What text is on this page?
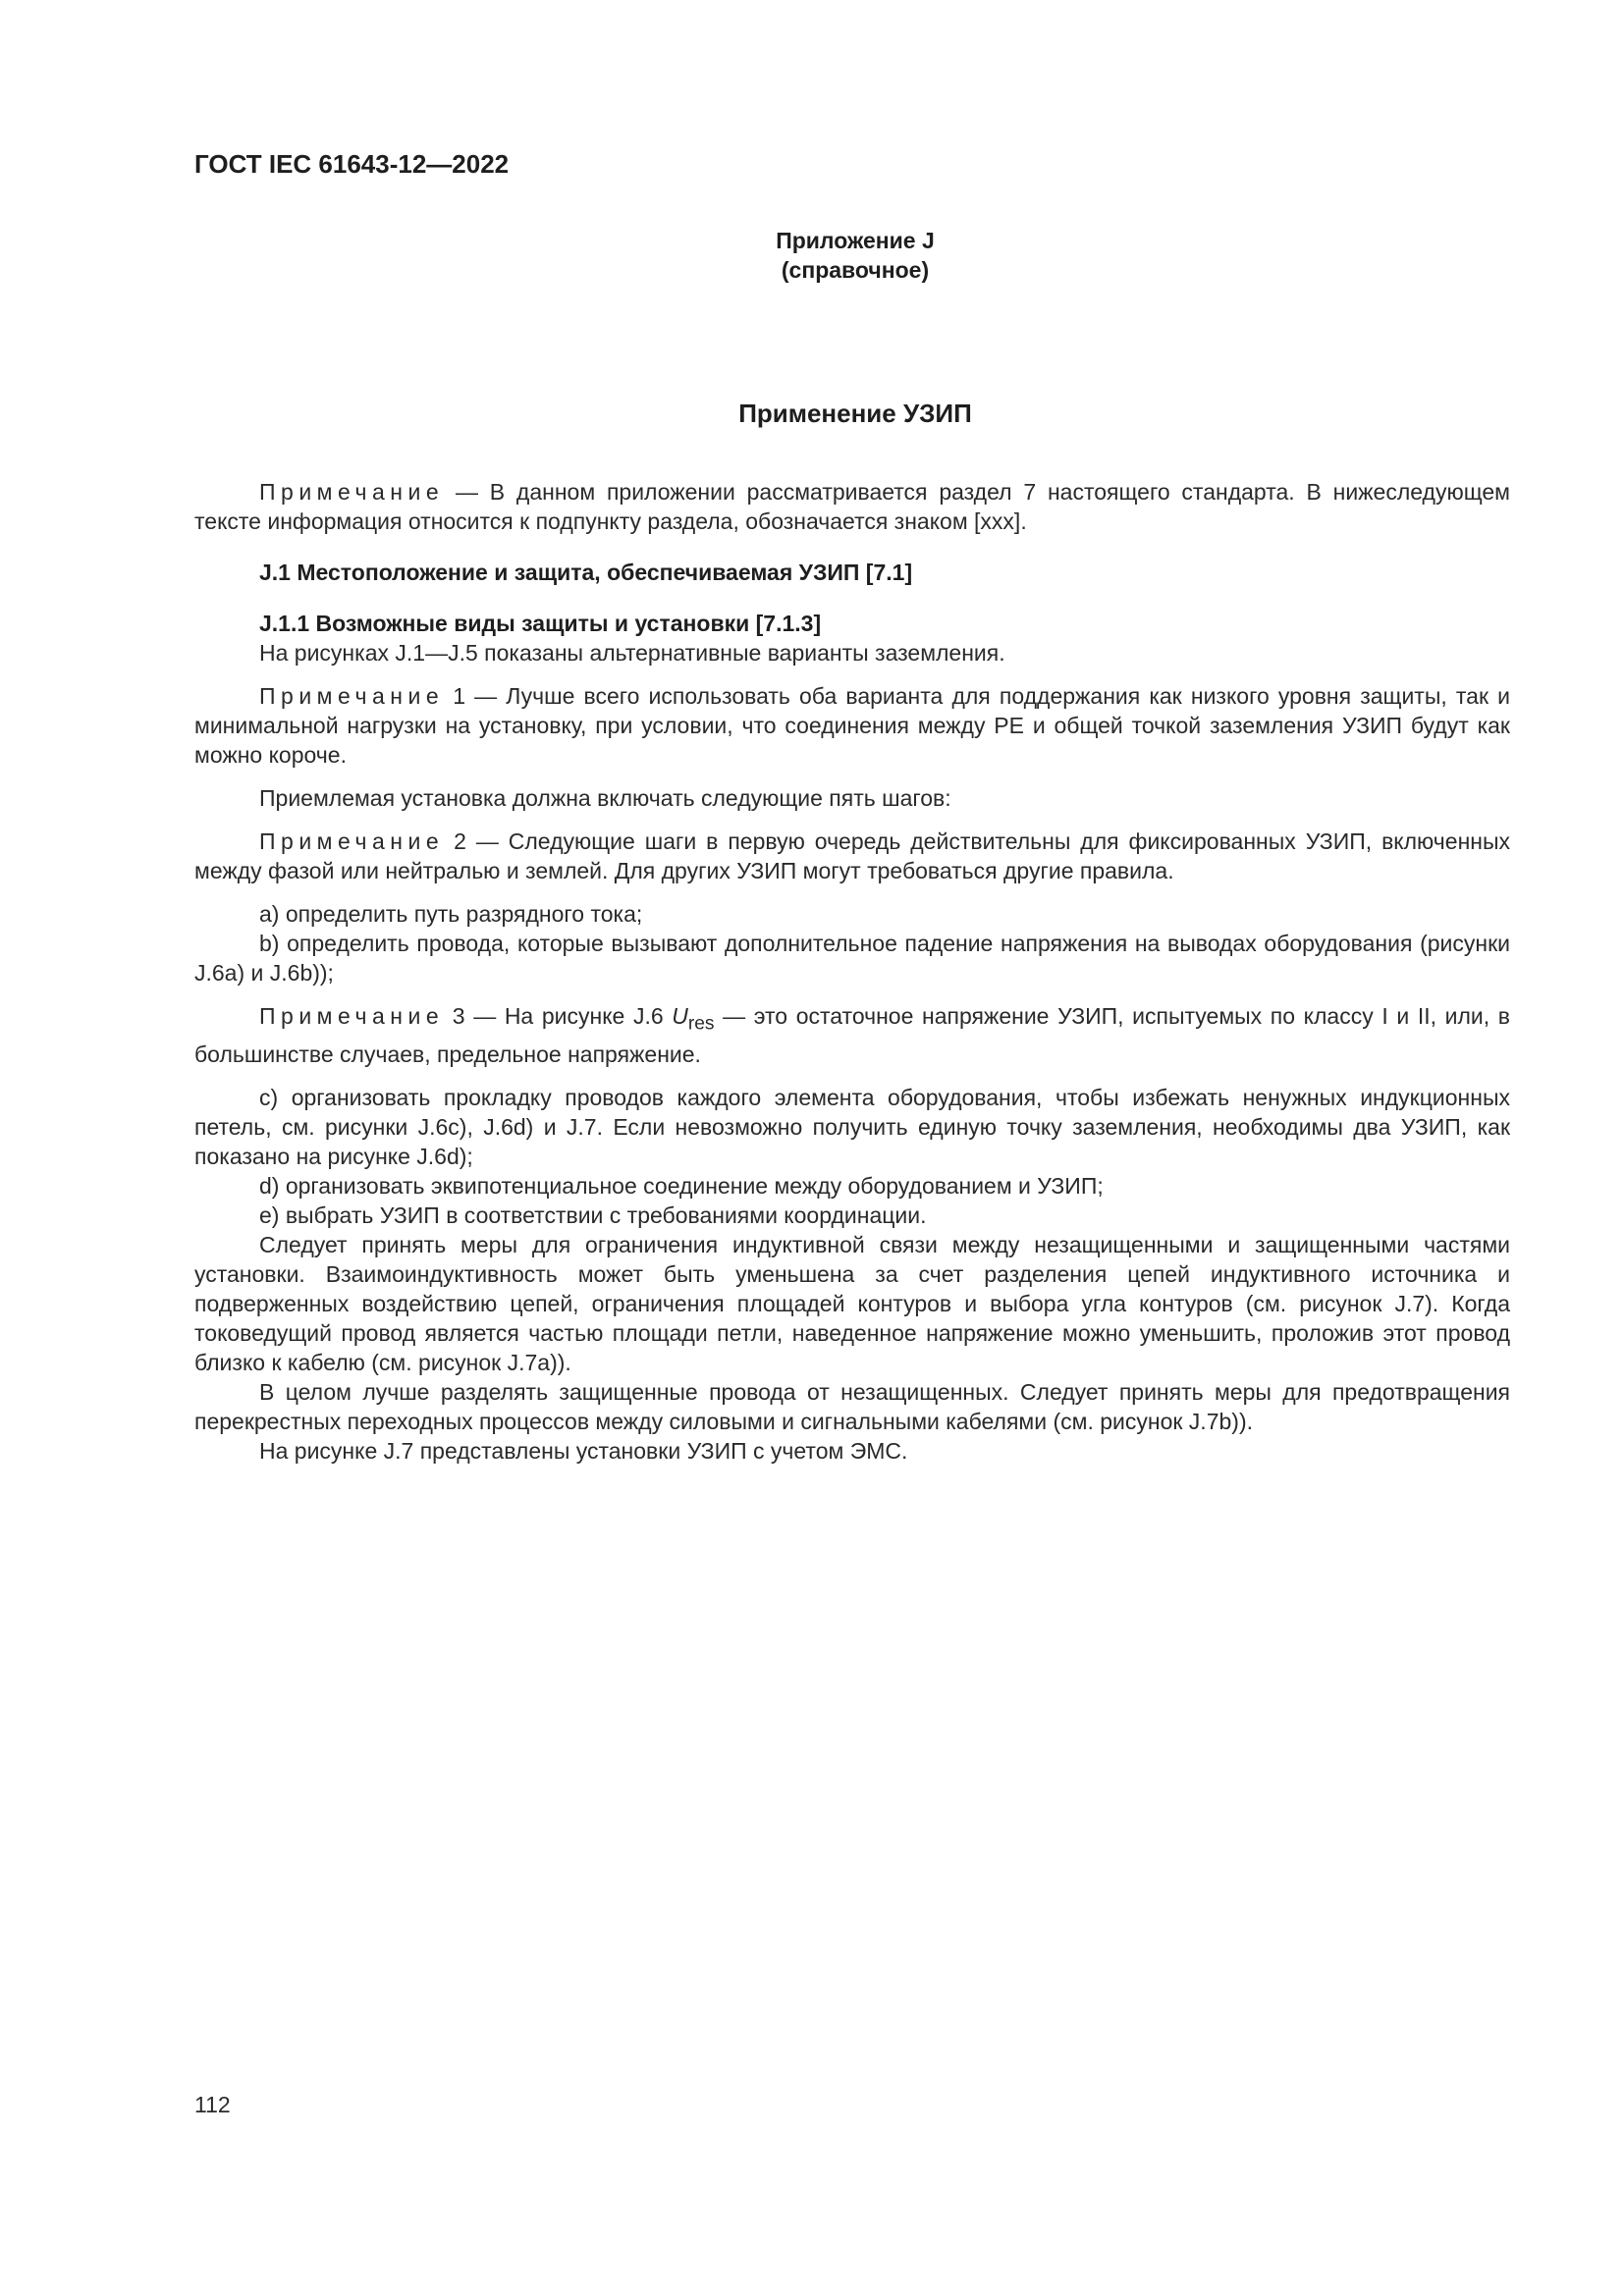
ГОСТ IEC 61643-12—2022
Приложение J
(справочное)
Применение УЗИП

Примечание — В данном приложении рассматривается раздел 7 настоящего стандарта. В нижеследующем тексте информация относится к подпункту раздела, обозначается знаком [xxx].

J.1 Местоположение и защита, обеспечиваемая УЗИП [7.1]

J.1.1 Возможные виды защиты и установки [7.1.3]

На рисунках J.1—J.5 показаны альтернативные варианты заземления.

Примечание 1 — Лучше всего использовать оба варианта для поддержания как низкого уровня защиты, так и минимальной нагрузки на установку, при условии, что соединения между PE и общей точкой заземления УЗИП будут как можно короче.

Приемлемая установка должна включать следующие пять шагов:

Примечание 2 — Следующие шаги в первую очередь действительны для фиксированных УЗИП, включенных между фазой или нейтралью и землей. Для других УЗИП могут требоваться другие правила.

а) определить путь разрядного тока;

b) определить провода, которые вызывают дополнительное падение напряжения на выводах оборудования (рисунки J.6a) и J.6b));

Примечание 3 — На рисунке J.6 $U_{res}$ — это остаточное напряжение УЗИП, испытуемых по классу I и II, или, в большинстве случаев, предельное напряжение.

c) организовать прокладку проводов каждого элемента оборудования, чтобы избежать ненужных индукционных петель, см. рисунки J.6c), J.6d) и J.7. Если невозможно получить единую точку заземления, необходимы два УЗИП, как показано на рисунке J.6d);

d) организовать эквипотенциальное соединение между оборудованием и УЗИП;

e) выбрать УЗИП в соответствии с требованиями координации.

Следует принять меры для ограничения индуктивной связи между незащищенными и защищенными частями установки. Взаимоиндуктивность может быть уменьшена за счет разделения цепей индуктивного источника и подверженных воздействию цепей, ограничения площадей контуров и выбора угла контуров (см. рисунок J.7). Когда токоведущий провод является частью площади петли, наведенное напряжение можно уменьшить, проложив этот провод близко к кабелю (см. рисунок J.7a)).

В целом лучше разделять защищенные провода от незащищенных. Следует принять меры для предотвращения перекрестных переходных процессов между силовыми и сигнальными кабелями (см. рисунок J.7b)).

На рисунке J.7 представлены установки УЗИП с учетом ЭМС.

112
